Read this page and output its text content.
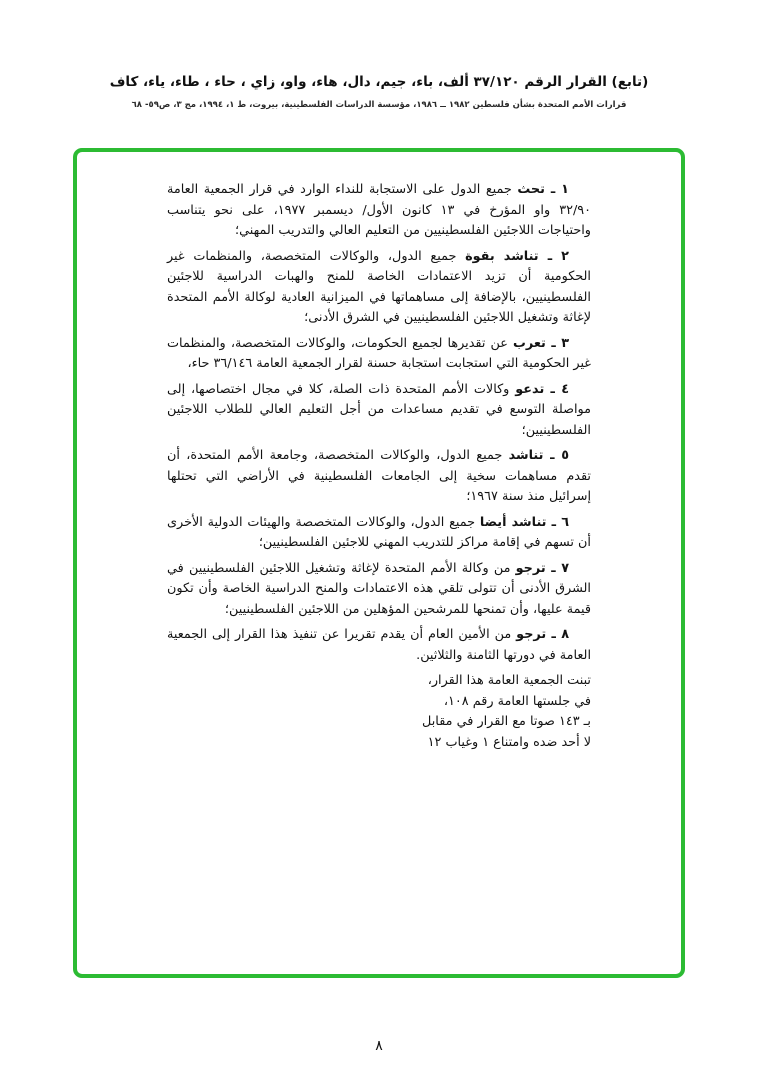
(تابع) القرار الرقم ٣٧/١٢٠ ألف، باء، جيم، دال، هاء، واو، زاي ، حاء ، طاء، ياء، كاف
قرارات الأمم المتحدة بشأن فلسطين ١٩٨٢ ــ ١٩٨٦، مؤسسة الدراسات الفلسطينية، بيروت، ط ١، ١٩٩٤، مج ٣، ص٥٩- ٦٨

١ ـ تحث جميع الدول على الاستجابة للنداء الوارد في قرار الجمعية العامة ٣٢/٩٠ واو المؤرخ في ١٣ كانون الأول/ ديسمبر ١٩٧٧، على نحو يتناسب واحتياجات اللاجئين الفلسطينيين من التعليم العالي والتدريب المهني؛

٢ ـ تناشد بقوة جميع الدول، والوكالات المتخصصة، والمنظمات غير الحكومية أن تزيد الاعتمادات الخاصة للمنح والهبات الدراسية للاجئين الفلسطينيين، بالإضافة إلى مساهماتها في الميزانية العادية لوكالة الأمم المتحدة لإغاثة وتشغيل اللاجئين الفلسطينيين في الشرق الأدنى؛

٣ ـ تعرب عن تقديرها لجميع الحكومات، والوكالات المتخصصة، والمنظمات غير الحكومية التي استجابت استجابة حسنة لقرار الجمعية العامة ٣٦/١٤٦ حاء،

٤ ـ تدعو وكالات الأمم المتحدة ذات الصلة، كلا في مجال اختصاصها، إلى مواصلة التوسع في تقديم مساعدات من أجل التعليم العالي للطلاب اللاجئين الفلسطينيين؛

٥ ـ تناشد جميع الدول، والوكالات المتخصصة، وجامعة الأمم المتحدة، أن تقدم مساهمات سخية إلى الجامعات الفلسطينية في الأراضي التي تحتلها إسرائيل منذ سنة ١٩٦٧؛

٦ ـ تناشد أيضا جميع الدول، والوكالات المتخصصة والهيئات الدولية الأخرى أن تسهم في إقامة مراكز للتدريب المهني للاجئين الفلسطينيين؛

٧ ـ ترجو من وكالة الأمم المتحدة لإغاثة وتشغيل اللاجئين الفلسطينيين في الشرق الأدنى أن تتولى تلقي هذه الاعتمادات والمنح الدراسية الخاصة وأن تكون قيمة عليها، وأن تمنحها للمرشحين المؤهلين من اللاجئين الفلسطينيين؛

٨ ـ ترجو من الأمين العام أن يقدم تقريرا عن تنفيذ هذا القرار إلى الجمعية العامة في دورتها الثامنة والثلاثين.

تبنت الجمعية العامة هذا القرار،
في جلستها العامة رقم ١٠٨،
بـ ١٤٣ صوتا مع القرار في مقابل
لا أحد ضده وامتناع ١ وغياب ١٢
٨
